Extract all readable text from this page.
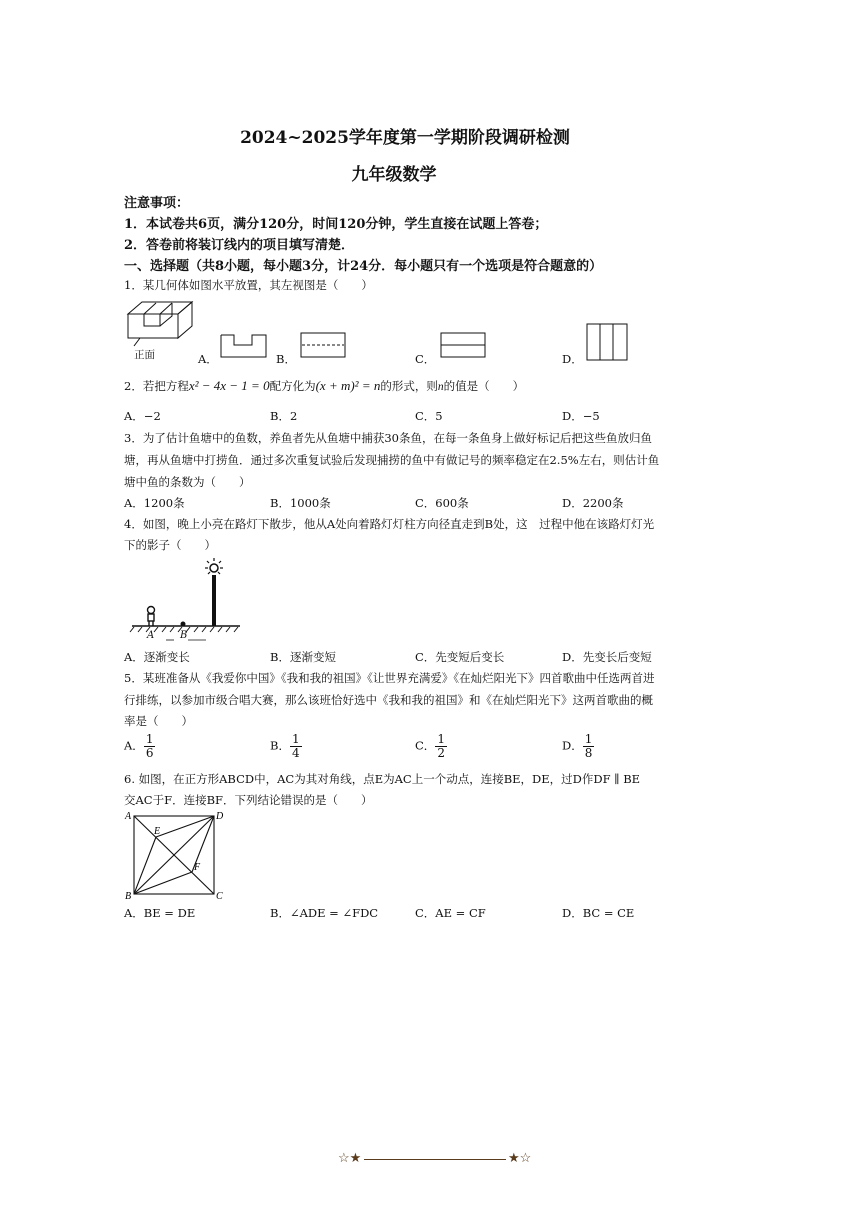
2024~2025学年度第一学期阶段调研检测
九年级数学
注意事项：
1．本试卷共6页，满分120分，时间120分钟，学生直接在试题上答卷；
2．答卷前将装订线内的项目填写清楚．
一、选择题（共8小题，每小题3分，计24分．每小题只有一个选项是符合题意的）
1．某几何体如图水平放置，其左视图是（　　）
正面	A．	B．	C．	D．
2．若把方程x² − 4x − 1 = 0配方化为(x + m)² = n的形式，则n的值是（　　）
A．−2	B．2	C．5	D．−5
3．为了估计鱼塘中的鱼数，养鱼者先从鱼塘中捕获30条鱼，在每一条鱼身上做好标记后把这些鱼放归鱼
塘，再从鱼塘中打捞鱼．通过多次重复试验后发现捕捞的鱼中有做记号的频率稳定在2.5%左右，则估计鱼
塘中鱼的条数为（　　）
A．1200条	B．1000条	C．600条	D．2200条
4．如图，晚上小亮在路灯下散步，他从A处向着路灯灯柱方向径直走到B处，这　过程中他在该路灯灯光
下的影子（　　）
A	B
A．逐渐变长	B．逐渐变短	C．先变短后变长	D．先变长后变短
5．某班准备从《我爱你中国》《我和我的祖国》《让世界充满爱》《在灿烂阳光下》四首歌曲中任选两首进
行排练，以参加市级合唱大赛，那么该班恰好选中《我和我的祖国》和《在灿烂阳光下》这两首歌曲的概
率是（　　）
A． $\frac{1}{6}$	B． $\frac{1}{4}$	C． $\frac{1}{2}$	D． $\frac{1}{8}$
6. 如图，在正方形ABCD中，AC为其对角线，点E为AC上一个动点，连接BE，DE，过D作DF ∥ BE
交AC于F．连接BF．下列结论错误的是（　　）
A	D
B	C
E
F
A．BE = DE	B．∠ADE = ∠FDC	C．AE = CF	D．BC = CE
☆★	★☆
